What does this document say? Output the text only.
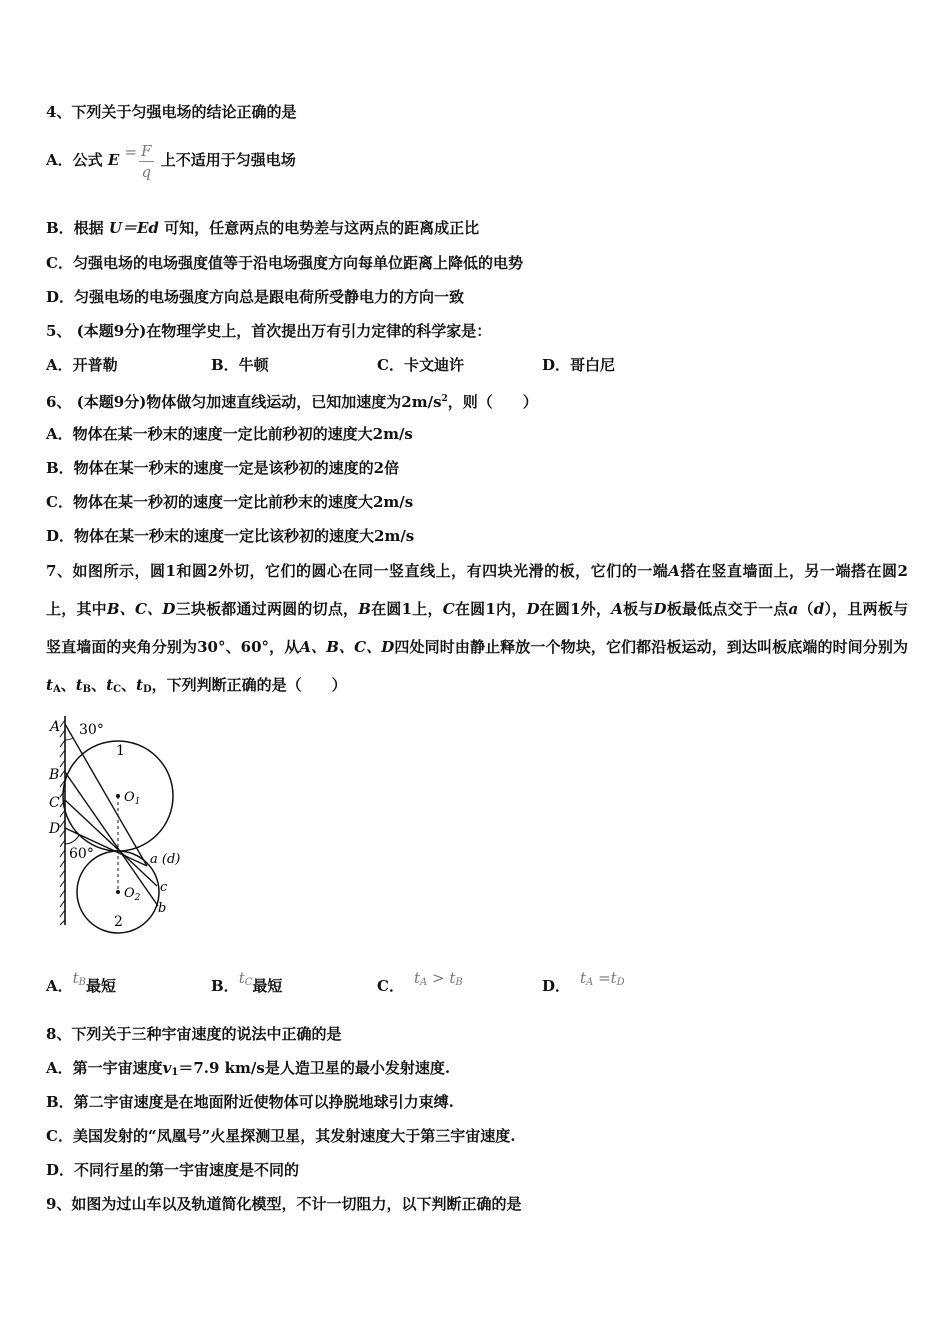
4、下列关于匀强电场的结论正确的是
A．公式 $E = \frac{F}{q}$ 上不适用于匀强电场
B．根据 U＝Ed 可知，任意两点的电势差与这两点的距离成正比
C．匀强电场的电场强度值等于沿电场强度方向每单位距离上降低的电势
D．匀强电场的电场强度方向总是跟电荷所受静电力的方向一致
5、 (本题9分)在物理学史上，首次提出万有引力定律的科学家是：
A．开普勒	B．牛顿	C．卡文迪许	D．哥白尼
6、 (本题9分)物体做匀加速直线运动，已知加速度为$2m/s^2$，则（　　）
A．物体在某一秒末的速度一定比前秒初的速度大2m/s
B．物体在某一秒末的速度一定是该秒初的速度的2倍
C．物体在某一秒初的速度一定比前秒末的速度大2m/s
D．物体在某一秒末的速度一定比该秒初的速度大2m/s
7、如图所示，圆1和圆2外切，它们的圆心在同一竖直线上，有四块光滑的板，它们的一端A搭在竖直墙面上，另一端搭在圆2上，其中B、C、D三块板都通过两圆的切点，B在圆1上，C在圆1内，D在圆1外，A板与D板最低点交于一点a（d），且两板与竖直墙面的夹角分别为30°、60°，从A、B、C、D四处同时由静止释放一个物块，它们都沿板运动，到达叫板底端的时间分别为$t_A$、$t_B$、$t_C$、$t_D$，下列判断正确的是（　　）
A
B
C
D
30°
60°
1
2
$O_1$
$O_2$
a (d)
c
b
A．$t_B$最短	B．$t_C$最短	C． $t_A > t_B$	D． $t_A =t_D$
8、下列关于三种宇宙速度的说法中正确的是
A．第一宇宙速度$v_1=7.9$ km/s是人造卫星的最小发射速度.
B．第二宇宙速度是在地面附近使物体可以挣脱地球引力束缚.
C．美国发射的“凤凰号”火星探测卫星，其发射速度大于第三宇宙速度.
D．不同行星的第一宇宙速度是不同的
9、如图为过山车以及轨道简化模型，不计一切阻力，以下判断正确的是
